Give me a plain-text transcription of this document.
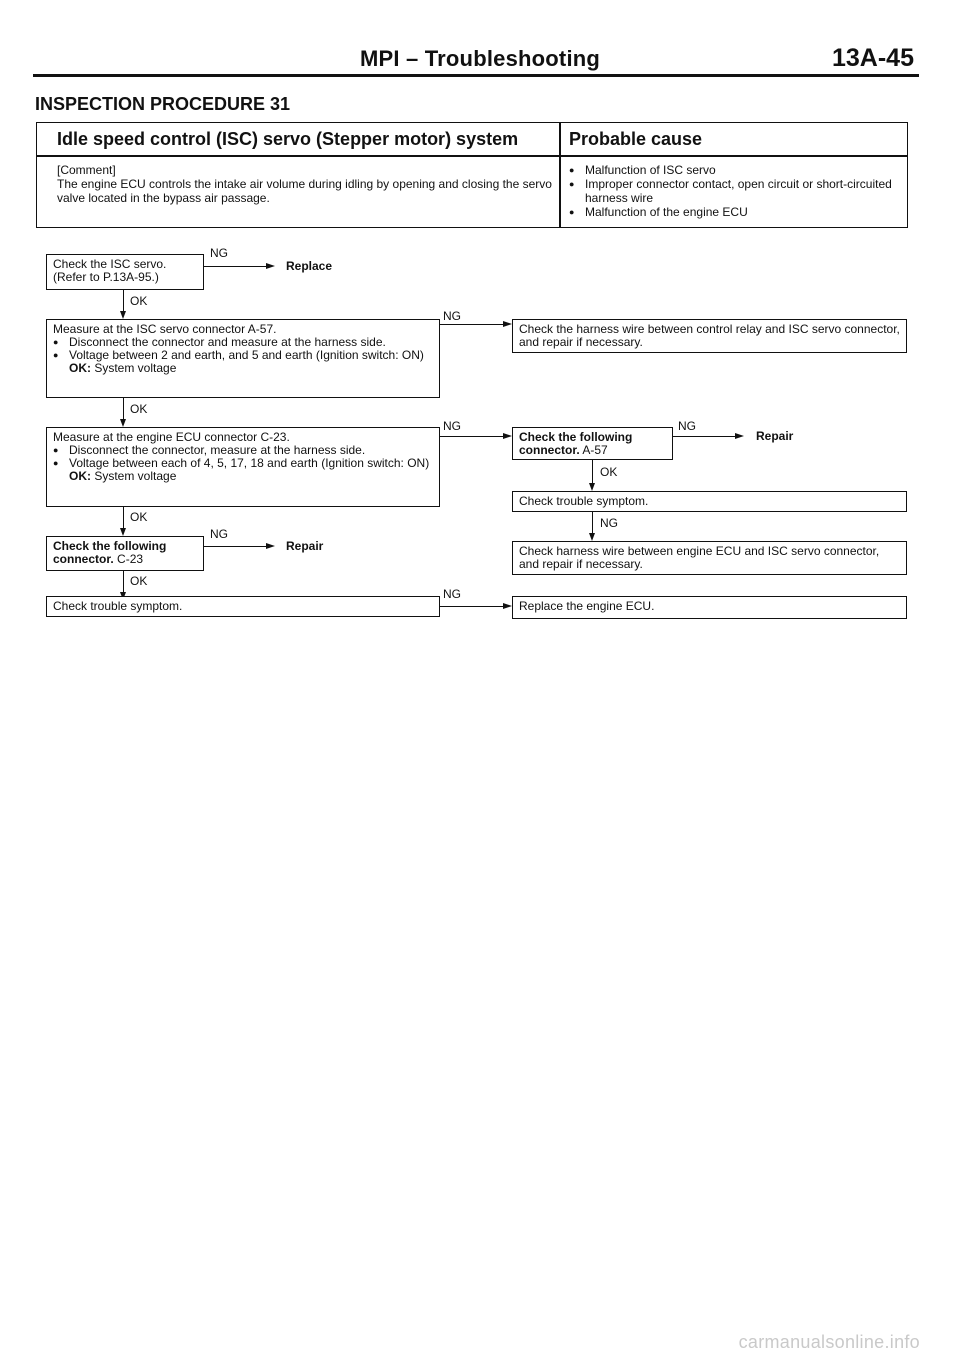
MPI – Troubleshooting	13A-45
INSPECTION PROCEDURE 31
Idle speed control (ISC) servo (Stepper motor) system	Probable cause
[Comment]
The engine ECU controls the intake air volume during idling by opening and closing the servo valve located in the bypass air passage.
● Malfunction of ISC servo
● Improper connector contact, open circuit or short-circuited harness wire
● Malfunction of the engine ECU
Check the ISC servo.
(Refer to P.13A-95.)
NG
Replace
OK
Measure at the ISC servo connector A-57.
● Disconnect the connector and measure at the harness side.
● Voltage between 2 and earth, and 5 and earth (Ignition switch: ON)
OK: System voltage
NG
Check the harness wire between control relay and ISC servo connector, and repair if necessary.
OK
Measure at the engine ECU connector C-23.
● Disconnect the connector, measure at the harness side.
● Voltage between each of 4, 5, 17, 18 and earth (Ignition switch: ON)
OK: System voltage
NG
Check the following connector. A-57
NG
Repair
OK
Check trouble symptom.
NG
Check harness wire between engine ECU and ISC servo connector, and repair if necessary.
OK
Check the following connector. C-23
NG
Repair
OK
Check trouble symptom.
NG
Replace the engine ECU.
carmanualsonline.info
